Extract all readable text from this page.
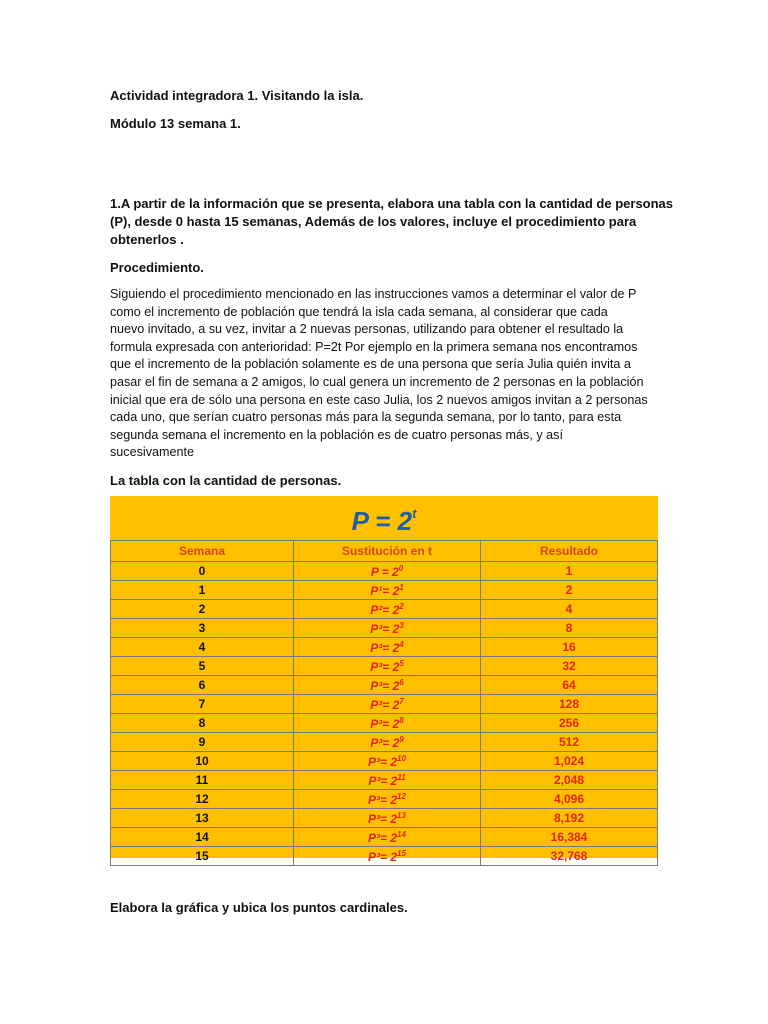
Actividad integradora 1. Visitando la isla.
Módulo 13 semana 1.
1.A partir de la información que se presenta, elabora una tabla con la cantidad de personas
(P), desde 0 hasta 15 semanas, Además de los valores, incluye el procedimiento para
obtenerlos .
Procedimiento.
Siguiendo el procedimiento mencionado en las instrucciones vamos a determinar el valor de P
como el incremento de población que tendrá la isla cada semana, al considerar que cada
nuevo invitado, a su vez, invitar a 2 nuevas personas, utilizando para obtener el resultado la
formula expresada con anterioridad: P=2t Por ejemplo en la primera semana nos encontramos
que el incremento de la población solamente es de una persona que sería Julia quién invita a
pasar el fin de semana a 2 amigos, lo cual genera un incremento de 2 personas en la población
inicial que era de sólo una persona en este caso Julia, los 2 nuevos amigos invitan a 2 personas
cada uno, que serían cuatro personas más para la segunda semana, por lo tanto, para esta
segunda semana el incremento en la población es de cuatro personas más, y así
sucesivamente
La tabla con la cantidad de personas.
$P = 2^t$
Semana	Sustitución en t	Resultado
0	$P = 2^0$	1
1	$P^1= 2^1$	2
2	$P^2= 2^2$	4
3	$P^3= 2^3$	8
4	$P^3= 2^4$	16
5	$P^3= 2^5$	32
6	$P^3= 2^6$	64
7	$P^3= 2^7$	128
8	$P^3= 2^8$	256
9	$P^3= 2^9$	512
10	$P^3= 2^{10}$	1,024
11	$P^3= 2^{11}$	2,048
12	$P^3= 2^{12}$	4,096
13	$P^3= 2^{13}$	8,192
14	$P^3= 2^{14}$	16,384
15	$P^3= 2^{15}$	32,768
Elabora la gráfica y ubica los puntos cardinales.
